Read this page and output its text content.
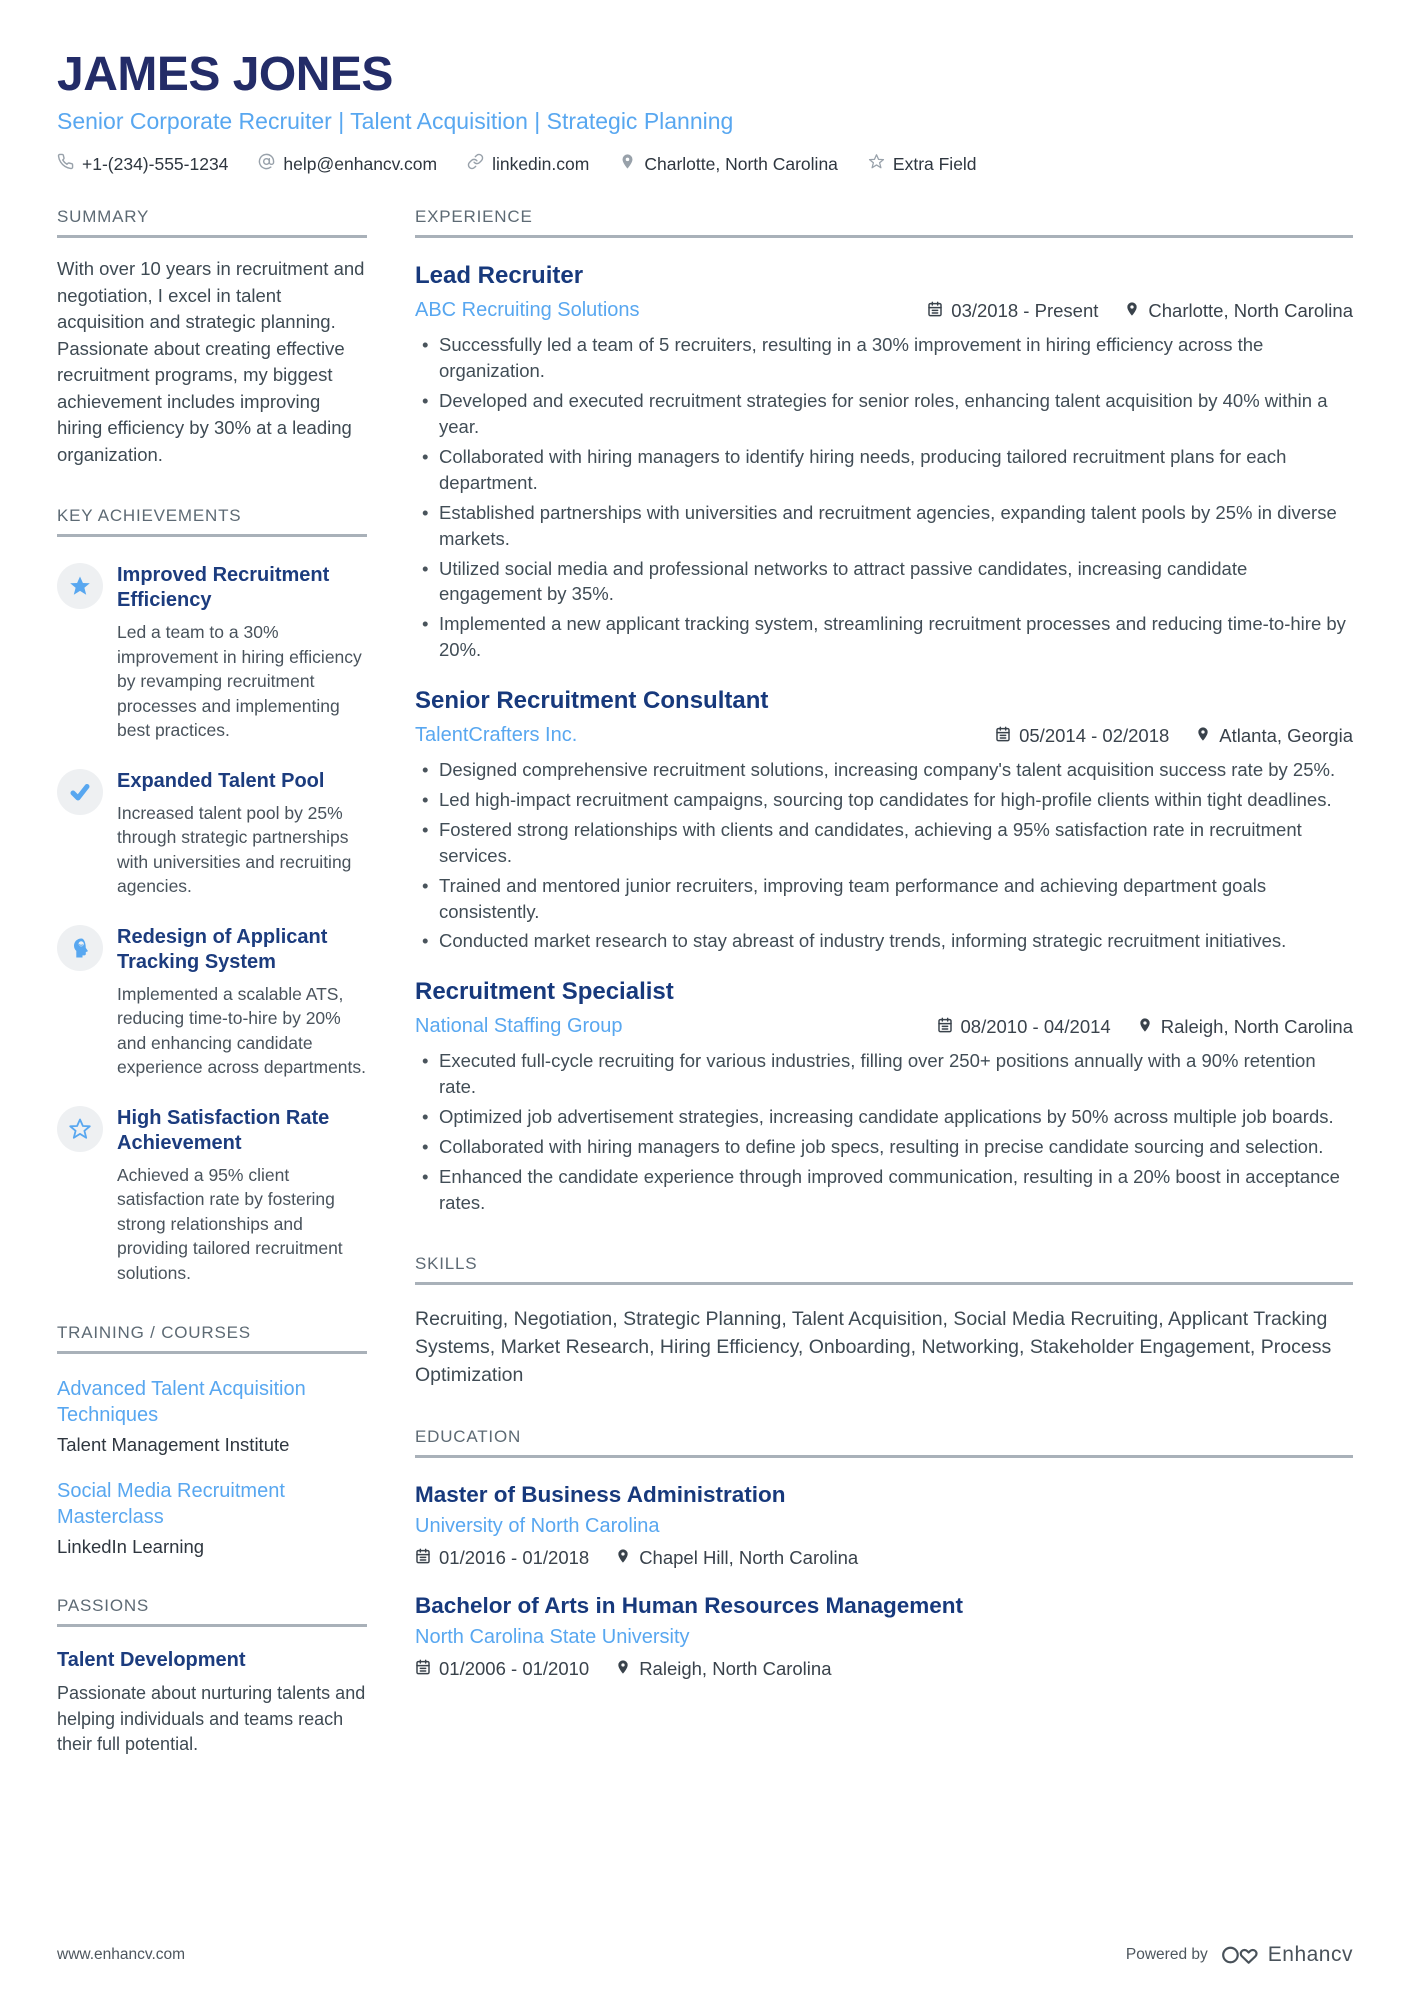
JAMES JONES
Senior Corporate Recruiter | Talent Acquisition | Strategic Planning
+1-(234)-555-1234	help@enhancv.com	linkedin.com	Charlotte, North Carolina	Extra Field
SUMMARY

With over 10 years in recruitment and negotiation, I excel in talent acquisition and strategic planning. Passionate about creating effective recruitment programs, my biggest achievement includes improving hiring efficiency by 30% at a leading organization.

KEY ACHIEVEMENTS
Improved Recruitment Efficiency
Led a team to a 30% improvement in hiring efficiency by revamping recruitment processes and implementing best practices.
Expanded Talent Pool
Increased talent pool by 25% through strategic partnerships with universities and recruiting agencies.
Redesign of Applicant Tracking System
Implemented a scalable ATS, reducing time-to-hire by 20% and enhancing candidate experience across departments.
High Satisfaction Rate Achievement
Achieved a 95% client satisfaction rate by fostering strong relationships and providing tailored recruitment solutions.
TRAINING / COURSES
Advanced Talent Acquisition Techniques
Talent Management Institute
Social Media Recruitment Masterclass
LinkedIn Learning
PASSIONS
Talent Development
Passionate about nurturing talents and helping individuals and teams reach their full potential.
EXPERIENCE
Lead Recruiter
ABC Recruiting Solutions	03/2018 - Present	Charlotte, North Carolina
• Successfully led a team of 5 recruiters, resulting in a 30% improvement in hiring efficiency across the organization.
• Developed and executed recruitment strategies for senior roles, enhancing talent acquisition by 40% within a year.
• Collaborated with hiring managers to identify hiring needs, producing tailored recruitment plans for each department.
• Established partnerships with universities and recruitment agencies, expanding talent pools by 25% in diverse markets.
• Utilized social media and professional networks to attract passive candidates, increasing candidate engagement by 35%.
• Implemented a new applicant tracking system, streamlining recruitment processes and reducing time-to-hire by 20%.
Senior Recruitment Consultant
TalentCrafters Inc.	05/2014 - 02/2018	Atlanta, Georgia
• Designed comprehensive recruitment solutions, increasing company's talent acquisition success rate by 25%.
• Led high-impact recruitment campaigns, sourcing top candidates for high-profile clients within tight deadlines.
• Fostered strong relationships with clients and candidates, achieving a 95% satisfaction rate in recruitment services.
• Trained and mentored junior recruiters, improving team performance and achieving department goals consistently.
• Conducted market research to stay abreast of industry trends, informing strategic recruitment initiatives.
Recruitment Specialist
National Staffing Group	08/2010 - 04/2014	Raleigh, North Carolina
• Executed full-cycle recruiting for various industries, filling over 250+ positions annually with a 90% retention rate.
• Optimized job advertisement strategies, increasing candidate applications by 50% across multiple job boards.
• Collaborated with hiring managers to define job specs, resulting in precise candidate sourcing and selection.
• Enhanced the candidate experience through improved communication, resulting in a 20% boost in acceptance rates.
SKILLS

Recruiting, Negotiation, Strategic Planning, Talent Acquisition, Social Media Recruiting, Applicant Tracking Systems, Market Research, Hiring Efficiency, Onboarding, Networking, Stakeholder Engagement, Process Optimization

EDUCATION
Master of Business Administration
University of North Carolina
01/2016 - 01/2018	Chapel Hill, North Carolina
Bachelor of Arts in Human Resources Management
North Carolina State University
01/2006 - 01/2010	Raleigh, North Carolina
www.enhancv.com	Powered by	Enhancv
